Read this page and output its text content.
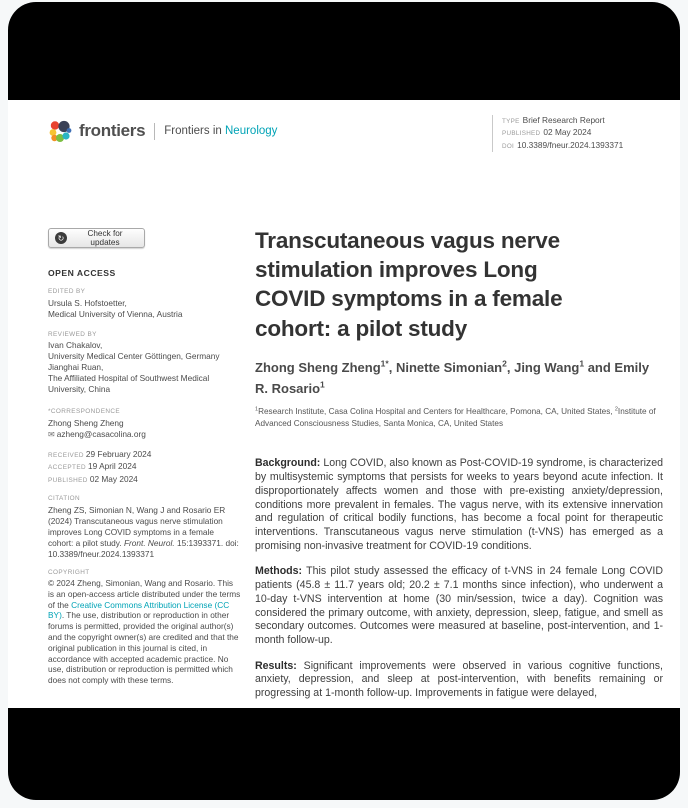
frontiers Frontiers in Neurology
TYPE Brief Research Report
PUBLISHED 02 May 2024
DOI 10.3389/fneur.2024.1393371
↻	Check for updates
OPEN ACCESS
EDITED BY
Ursula S. Hofstoetter,
Medical University of Vienna, Austria
REVIEWED BY
Ivan Chakalov,
University Medical Center Göttingen, Germany
Jianghai Ruan,
The Affiliated Hospital of Southwest Medical University, China
*CORRESPONDENCE
Zhong Sheng Zheng
✉ azheng@casacolina.org
RECEIVED 29 February 2024
ACCEPTED 19 April 2024
PUBLISHED 02 May 2024
CITATION
Zheng ZS, Simonian N, Wang J and Rosario ER (2024) Transcutaneous vagus nerve stimulation improves Long COVID symptoms in a female cohort: a pilot study. Front. Neurol. 15:1393371. doi: 10.3389/fneur.2024.1393371
COPYRIGHT
© 2024 Zheng, Simonian, Wang and Rosario. This is an open-access article distributed under the terms of the Creative Commons Attribution License (CC BY). The use, distribution or reproduction in other forums is permitted, provided the original author(s) and the copyright owner(s) are credited and that the original publication in this journal is cited, in accordance with accepted academic practice. No use, distribution or reproduction is permitted which does not comply with these terms.
Transcutaneous vagus nerve stimulation improves Long COVID symptoms in a female cohort: a pilot study

Zhong Sheng Zheng$^{1*}$, Ninette Simonian$^2$, Jing Wang$^1$ and Emily R. Rosario$^1$

$^1$Research Institute, Casa Colina Hospital and Centers for Healthcare, Pomona, CA, United States, $^2$Institute of Advanced Consciousness Studies, Santa Monica, CA, United States

Background: Long COVID, also known as Post-COVID-19 syndrome, is characterized by multisystemic symptoms that persists for weeks to years beyond acute infection. It disproportionately affects women and those with pre-existing anxiety/depression, conditions more prevalent in females. The vagus nerve, with its extensive innervation and regulation of critical bodily functions, has become a focal point for therapeutic interventions. Transcutaneous vagus nerve stimulation (t-VNS) has emerged as a promising non-invasive treatment for COVID-19 conditions.

Methods: This pilot study assessed the efficacy of t-VNS in 24 female Long COVID patients (45.8 ± 11.7 years old; 20.2 ± 7.1 months since infection), who underwent a 10-day t-VNS intervention at home (30 min/session, twice a day). Cognition was considered the primary outcome, with anxiety, depression, sleep, fatigue, and smell as secondary outcomes. Outcomes were measured at baseline, post-intervention, and 1-month follow-up.

Results: Significant improvements were observed in various cognitive functions, anxiety, depression, and sleep at post-intervention, with benefits remaining or progressing at 1-month follow-up. Improvements in fatigue were delayed,
